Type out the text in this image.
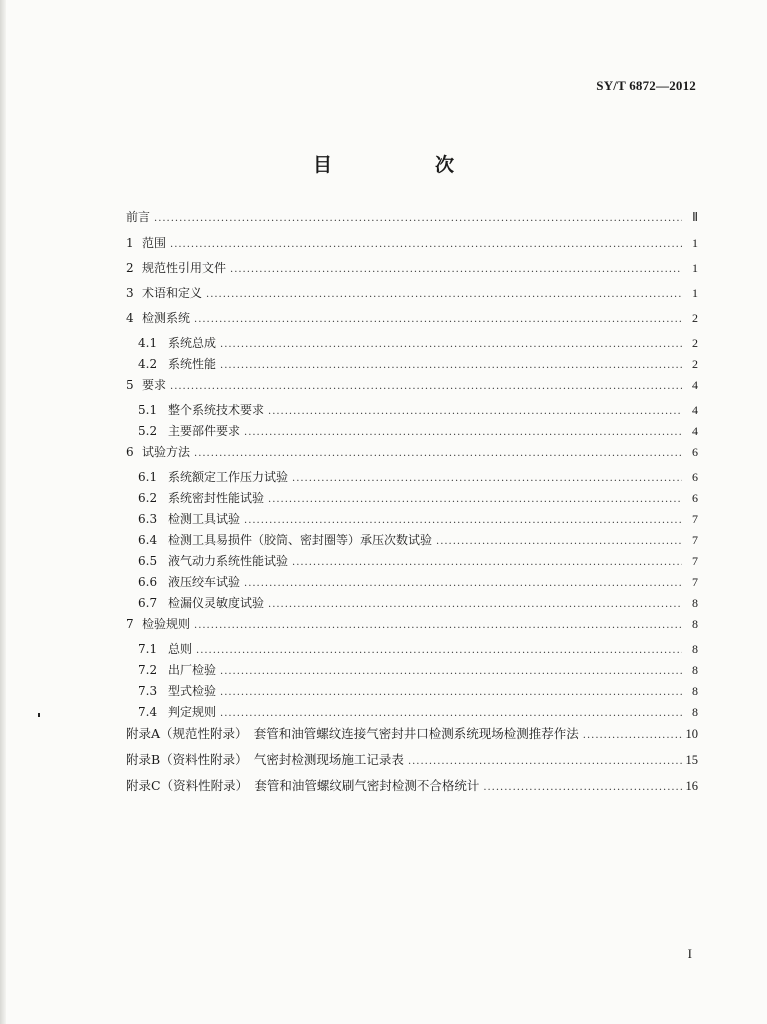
SY/T 6872—2012
目　次
前言 .....	Ⅱ
1 范围 .....	1
2 规范性引用文件 .....	1
3 术语和定义 .....	1
4 检测系统 .....	2
4.1 系统总成 .....	2
4.2 系统性能 .....	2
5 要求 .....	4
5.1 整个系统技术要求 .....	4
5.2 主要部件要求 .....	4
6 试验方法 .....	6
6.1 系统额定工作压力试验 .....	6
6.2 系统密封性能试验 .....	6
6.3 检测工具试验 .....	7
6.4 检测工具易损件（胶筒、密封圈等）承压次数试验 .....	7
6.5 液气动力系统性能试验 .....	7
6.6 液压绞车试验 .....	7
6.7 检漏仪灵敏度试验 .....	8
7 检验规则 .....	8
7.1 总则 .....	8
7.2 出厂检验 .....	8
7.3 型式检验 .....	8
7.4 判定规则 .....	8
附录A（规范性附录）　套管和油管螺纹连接气密封井口检测系统现场检测推荐作法 .....	10
附录B（资料性附录）　气密封检测现场施工记录表 .....	15
附录C（资料性附录）　套管和油管螺纹刷气密封检测不合格统计 .....	16
I
